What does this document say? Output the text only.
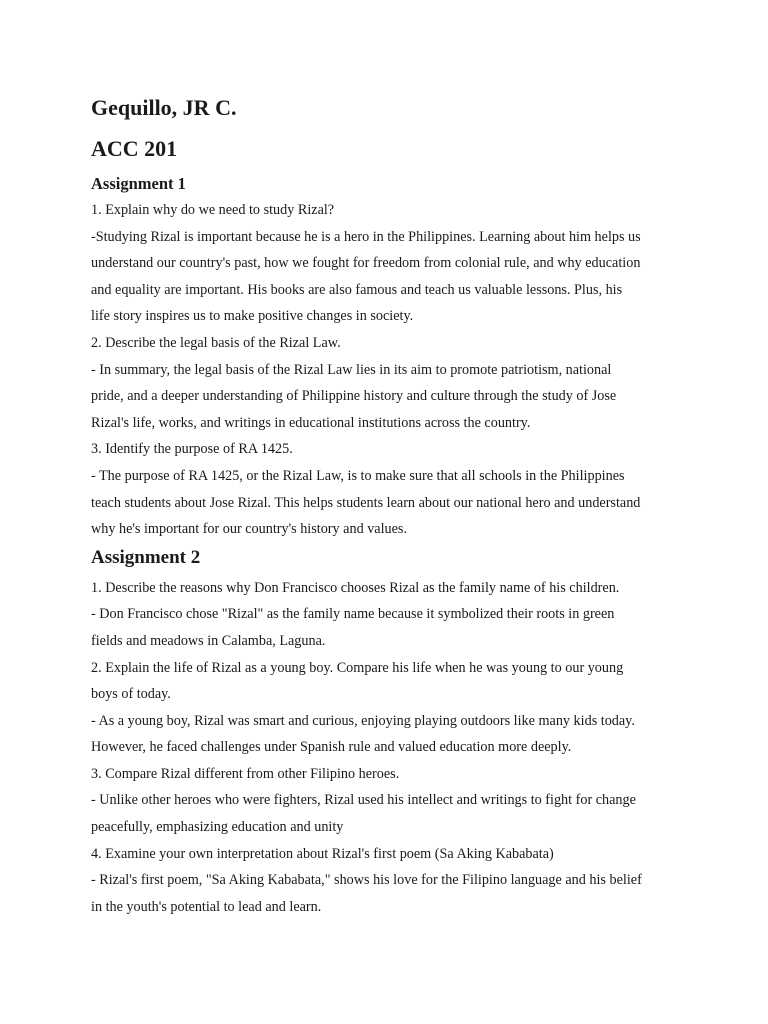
Gequillo, JR C.
ACC 201
Assignment 1

1. Explain why do we need to study Rizal?

-Studying Rizal is important because he is a hero in the Philippines. Learning about him helps us

understand our country's past, how we fought for freedom from colonial rule, and why education

and equality are important. His books are also famous and teach us valuable lessons. Plus, his

life story inspires us to make positive changes in society.

2. Describe the legal basis of the Rizal Law.

- In summary, the legal basis of the Rizal Law lies in its aim to promote patriotism, national

pride, and a deeper understanding of Philippine history and culture through the study of Jose

Rizal's life, works, and writings in educational institutions across the country.

3. Identify the purpose of RA 1425.

- The purpose of RA 1425, or the Rizal Law, is to make sure that all schools in the Philippines

teach students about Jose Rizal. This helps students learn about our national hero and understand

why he's important for our country's history and values.

Assignment 2

1. Describe the reasons why Don Francisco chooses Rizal as the family name of his children.

- Don Francisco chose "Rizal" as the family name because it symbolized their roots in green

fields and meadows in Calamba, Laguna.

2. Explain the life of Rizal as a young boy. Compare his life when he was young to our young

boys of today.

- As a young boy, Rizal was smart and curious, enjoying playing outdoors like many kids today.

However, he faced challenges under Spanish rule and valued education more deeply.

3. Compare Rizal different from other Filipino heroes.

- Unlike other heroes who were fighters, Rizal used his intellect and writings to fight for change

peacefully, emphasizing education and unity

4. Examine your own interpretation about Rizal's first poem (Sa Aking Kababata)

- Rizal's first poem, "Sa Aking Kababata," shows his love for the Filipino language and his belief

in the youth's potential to lead and learn.
